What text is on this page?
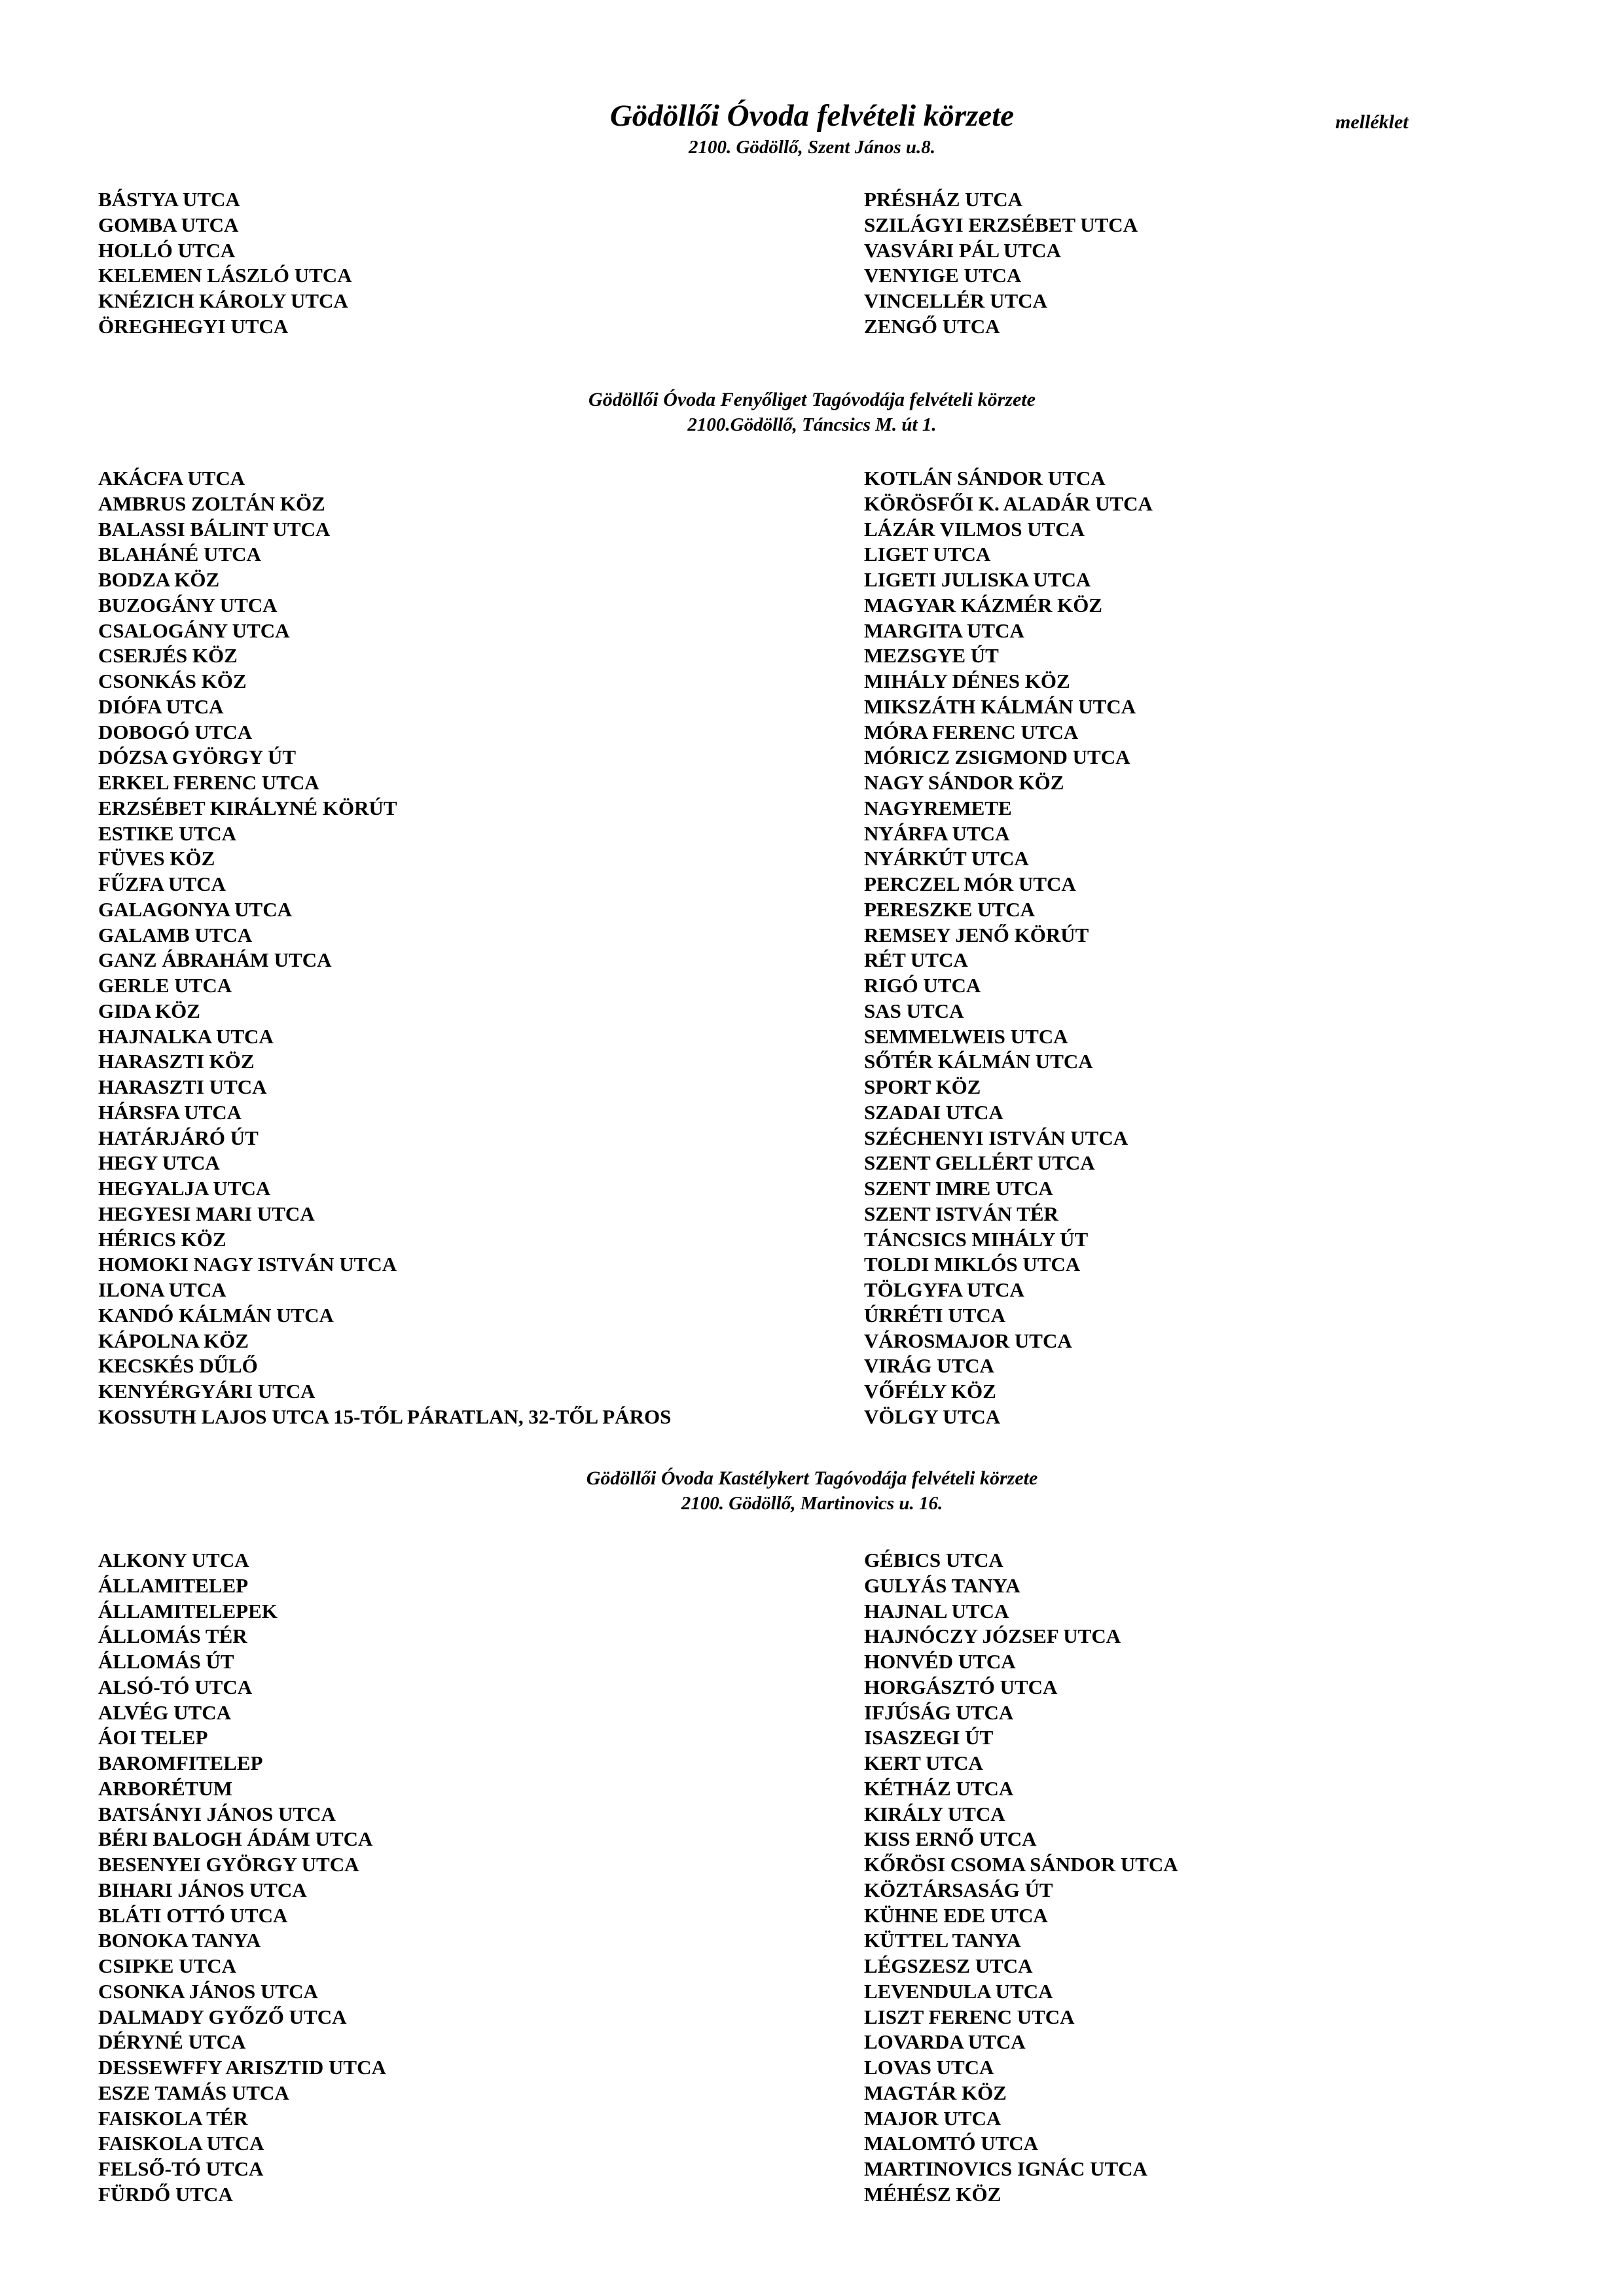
melléklet
Gödöllői Óvoda felvételi körzete
2100. Gödöllő, Szent János u.8.
BÁSTYA UTCA
GOMBA UTCA
HOLLÓ UTCA
KELEMEN LÁSZLÓ UTCA
KNÉZICH KÁROLY UTCA
ÖREGHEGYI UTCA
PRÉSHÁZ UTCA
SZILÁGYI ERZSÉBET UTCA
VASVÁRI PÁL UTCA
VENYIGE UTCA
VINCELLÉR UTCA
ZENGŐ UTCA
Gödöllői Óvoda Fenyőliget Tagóvodája felvételi körzete
2100.Gödöllő, Táncsics M. út 1.
AKÁCFA UTCA
AMBRUS ZOLTÁN KÖZ
BALASSI BÁLINT UTCA
BLAHÁNÉ UTCA
BODZA KÖZ
BUZOGÁNY UTCA
CSALOGÁNY UTCA
CSERJÉS KÖZ
CSONKÁS KÖZ
DIÓFA UTCA
DOBOGÓ UTCA
DÓZSA GYÖRGY ÚT
ERKEL FERENC UTCA
ERZSÉBET KIRÁLYNÉ KÖRÚT
ESTIKE UTCA
FÜVES KÖZ
FŰZFA UTCA
GALAGONYA UTCA
GALAMB UTCA
GANZ ÁBRAHÁM UTCA
GERLE UTCA
GIDA KÖZ
HAJNALKA UTCA
HARASZTI KÖZ
HARASZTI UTCA
HÁRSFA UTCA
HATÁRJÁRÓ ÚT
HEGY UTCA
HEGYALJA UTCA
HEGYESI MARI UTCA
HÉRICS KÖZ
HOMOKI NAGY ISTVÁN UTCA
ILONA UTCA
KANDÓ KÁLMÁN UTCA
KÁPOLNA KÖZ
KECSKÉS DŰLŐ
KENYÉRGYÁRI UTCA
KOSSUTH LAJOS UTCA 15-TŐL PÁRATLAN, 32-TŐL PÁROS
KOTLÁN SÁNDOR UTCA
KÖRÖSFŐI K. ALADÁR UTCA
LÁZÁR VILMOS UTCA
LIGET UTCA
LIGETI JULISKA UTCA
MAGYAR KÁZMÉR KÖZ
MARGITA UTCA
MEZSGYE ÚT
MIHÁLY DÉNES KÖZ
MIKSZÁTH KÁLMÁN UTCA
MÓRA FERENC UTCA
MÓRICZ ZSIGMOND UTCA
NAGY SÁNDOR KÖZ
NAGYREMETE
NYÁRFA UTCA
NYÁRKÚT UTCA
PERCZEL MÓR UTCA
PERESZKE UTCA
REMSEY JENŐ KÖRÚT
RÉT UTCA
RIGÓ UTCA
SAS UTCA
SEMMELWEIS UTCA
SŐTÉR KÁLMÁN UTCA
SPORT KÖZ
SZADAI UTCA
SZÉCHENYI ISTVÁN UTCA
SZENT GELLÉRT UTCA
SZENT IMRE UTCA
SZENT ISTVÁN TÉR
TÁNCSICS MIHÁLY ÚT
TOLDI MIKLÓS UTCA
TÖLGYFA UTCA
ÚRRÉTI UTCA
VÁROSMAJOR UTCA
VIRÁG UTCA
VŐFÉLY KÖZ
VÖLGY UTCA
Gödöllői Óvoda Kastélykert Tagóvodája felvételi körzete
2100. Gödöllő, Martinovics u. 16.
ALKONY UTCA
ÁLLAMITELEP
ÁLLAMITELEPEK
ÁLLOMÁS TÉR
ÁLLOMÁS ÚT
ALSÓ-TÓ UTCA
ALVÉG UTCA
ÁOI TELEP
BAROMFITELEP
ARBORÉTUM
BATSÁNYI JÁNOS UTCA
BÉRI BALOGH ÁDÁM UTCA
BESENYEI GYÖRGY UTCA
BIHARI JÁNOS UTCA
BLÁTI OTTÓ UTCA
BONOKA TANYA
CSIPKE UTCA
CSONKA JÁNOS UTCA
DALMADY GYŐZŐ UTCA
DÉRYNÉ UTCA
DESSEWFFY ARISZTID UTCA
ESZE TAMÁS UTCA
FAISKOLA TÉR
FAISKOLA UTCA
FELSŐ-TÓ UTCA
FÜRDŐ UTCA
GÉBICS UTCA
GULYÁS TANYA
HAJNAL UTCA
HAJNÓCZY JÓZSEF UTCA
HONVÉD UTCA
HORGÁSZTÓ UTCA
IFJÚSÁG UTCA
ISASZEGI ÚT
KERT UTCA
KÉTHÁZ UTCA
KIRÁLY UTCA
KISS ERNŐ UTCA
KŐRÖSI CSOMA SÁNDOR UTCA
KÖZTÁRSASÁG ÚT
KÜHNE EDE UTCA
KÜTTEL TANYA
LÉGSZESZ UTCA
LEVENDULA UTCA
LISZT FERENC UTCA
LOVARDA UTCA
LOVAS UTCA
MAGTÁR KÖZ
MAJOR UTCA
MALOMTÓ UTCA
MARTINOVICS IGNÁC UTCA
MÉHÉSZ KÖZ
